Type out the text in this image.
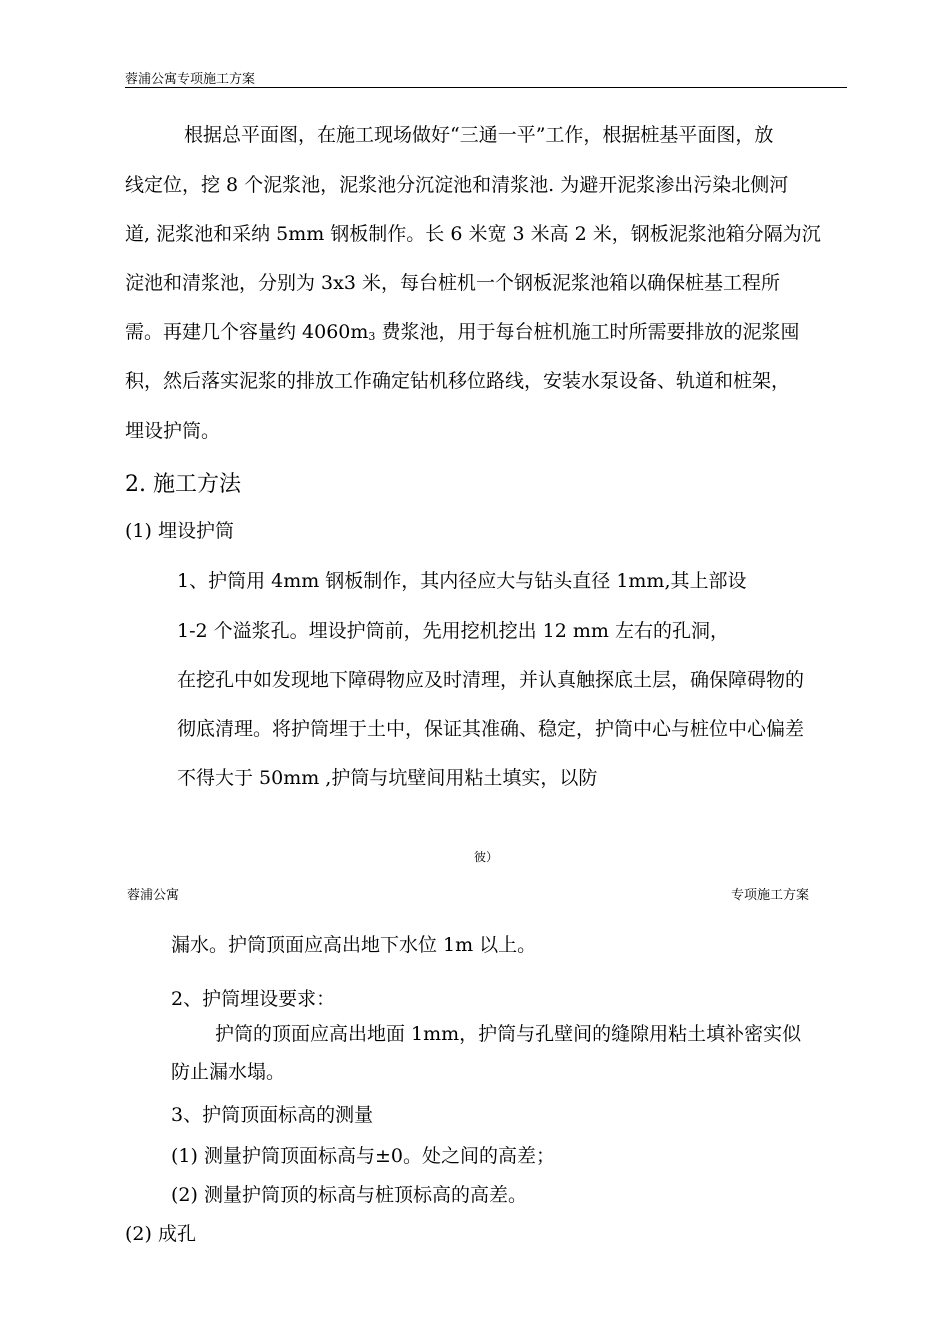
蓉浦公寓专项施工方案
根据总平面图，在施工现场做好“三通一平”工作，根据桩基平面图，放
线定位，挖 8 个泥浆池，泥浆池分沉淀池和清浆池. 为避开泥浆渗出污染北侧河
道, 泥浆池和采纳 5mm 钢板制作。长 6 米宽 3 米高 2 米，钢板泥浆池箱分隔为沉
淀池和清浆池，分别为 3x3 米，每台桩机一个钢板泥浆池箱以确保桩基工程所
需。再建几个容量约 4060m3 费浆池，用于每台桩机施工时所需要排放的泥浆囤
积，然后落实泥浆的排放工作确定钻机移位路线，安装水泵设备、轨道和桩架，
埋设护筒。
2. 施工方法
(1) 埋设护筒
1、护筒用 4mm 钢板制作，其内径应大与钻头直径 1mm,其上部设
1-2 个溢浆孔。埋设护筒前，先用挖机挖出 12 mm 左右的孔洞，
在挖孔中如发现地下障碍物应及时清理，并认真触探底土层，确保障碍物的
彻底清理。将护筒埋于土中，保证其准确、稳定，护筒中心与桩位中心偏差
不得大于 50mm ,护筒与坑壁间用粘土填实，以防
彼）
蓉浦公寓	专项施工方案
漏水。护筒顶面应高出地下水位 1m 以上。
2、护筒埋设要求：
护筒的顶面应高出地面 1mm，护筒与孔壁间的缝隙用粘土填补密实似
防止漏水塌。
3、护筒顶面标高的测量
(1) 测量护筒顶面标高与±0。处之间的高差；
(2) 测量护筒顶的标高与桩顶标高的高差。
(2) 成孔
